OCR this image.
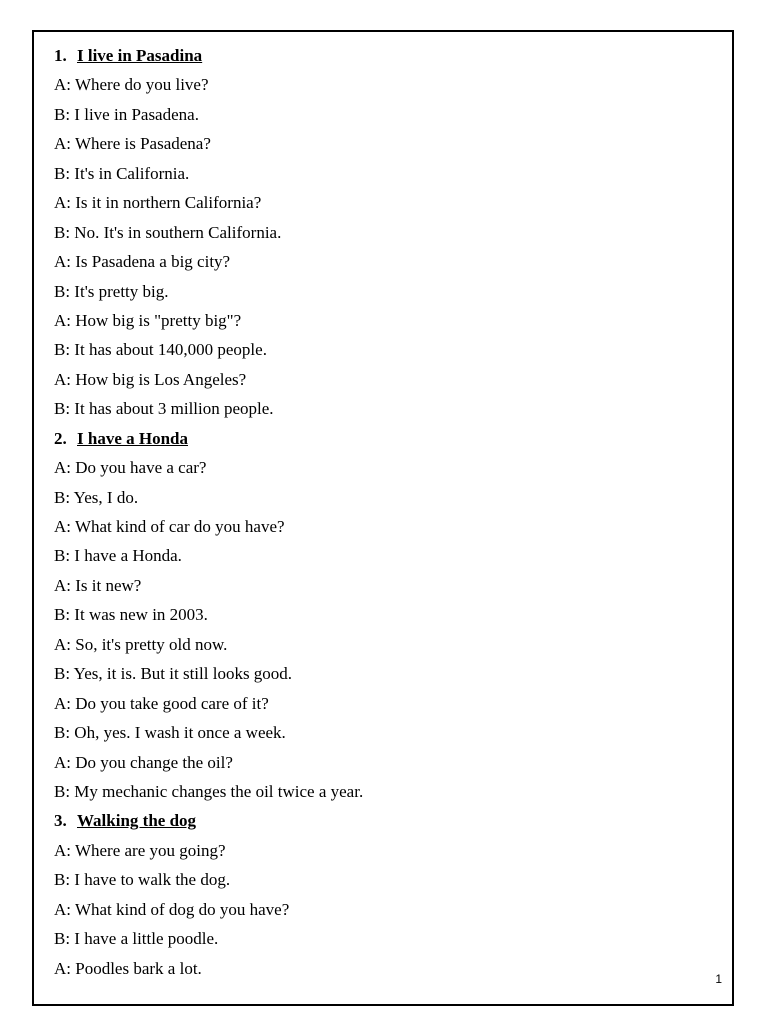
1. I live in Pasadina
A: Where do you live?
B: I live in Pasadena.
A: Where is Pasadena?
B: It's in California.
A: Is it in northern California?
B: No. It's in southern California.
A: Is Pasadena a big city?
B: It's pretty big.
A: How big is "pretty big"?
B: It has about 140,000 people.
A: How big is Los Angeles?
B: It has about 3 million people.
2. I have a Honda
A: Do you have a car?
B: Yes, I do.
A: What kind of car do you have?
B: I have a Honda.
A: Is it new?
B: It was new in 2003.
A: So, it's pretty old now.
B: Yes, it is. But it still looks good.
A: Do you take good care of it?
B: Oh, yes. I wash it once a week.
A: Do you change the oil?
B: My mechanic changes the oil twice a year.
3. Walking the dog
A: Where are you going?
B: I have to walk the dog.
A: What kind of dog do you have?
B: I have a little poodle.
A: Poodles bark a lot.
1
